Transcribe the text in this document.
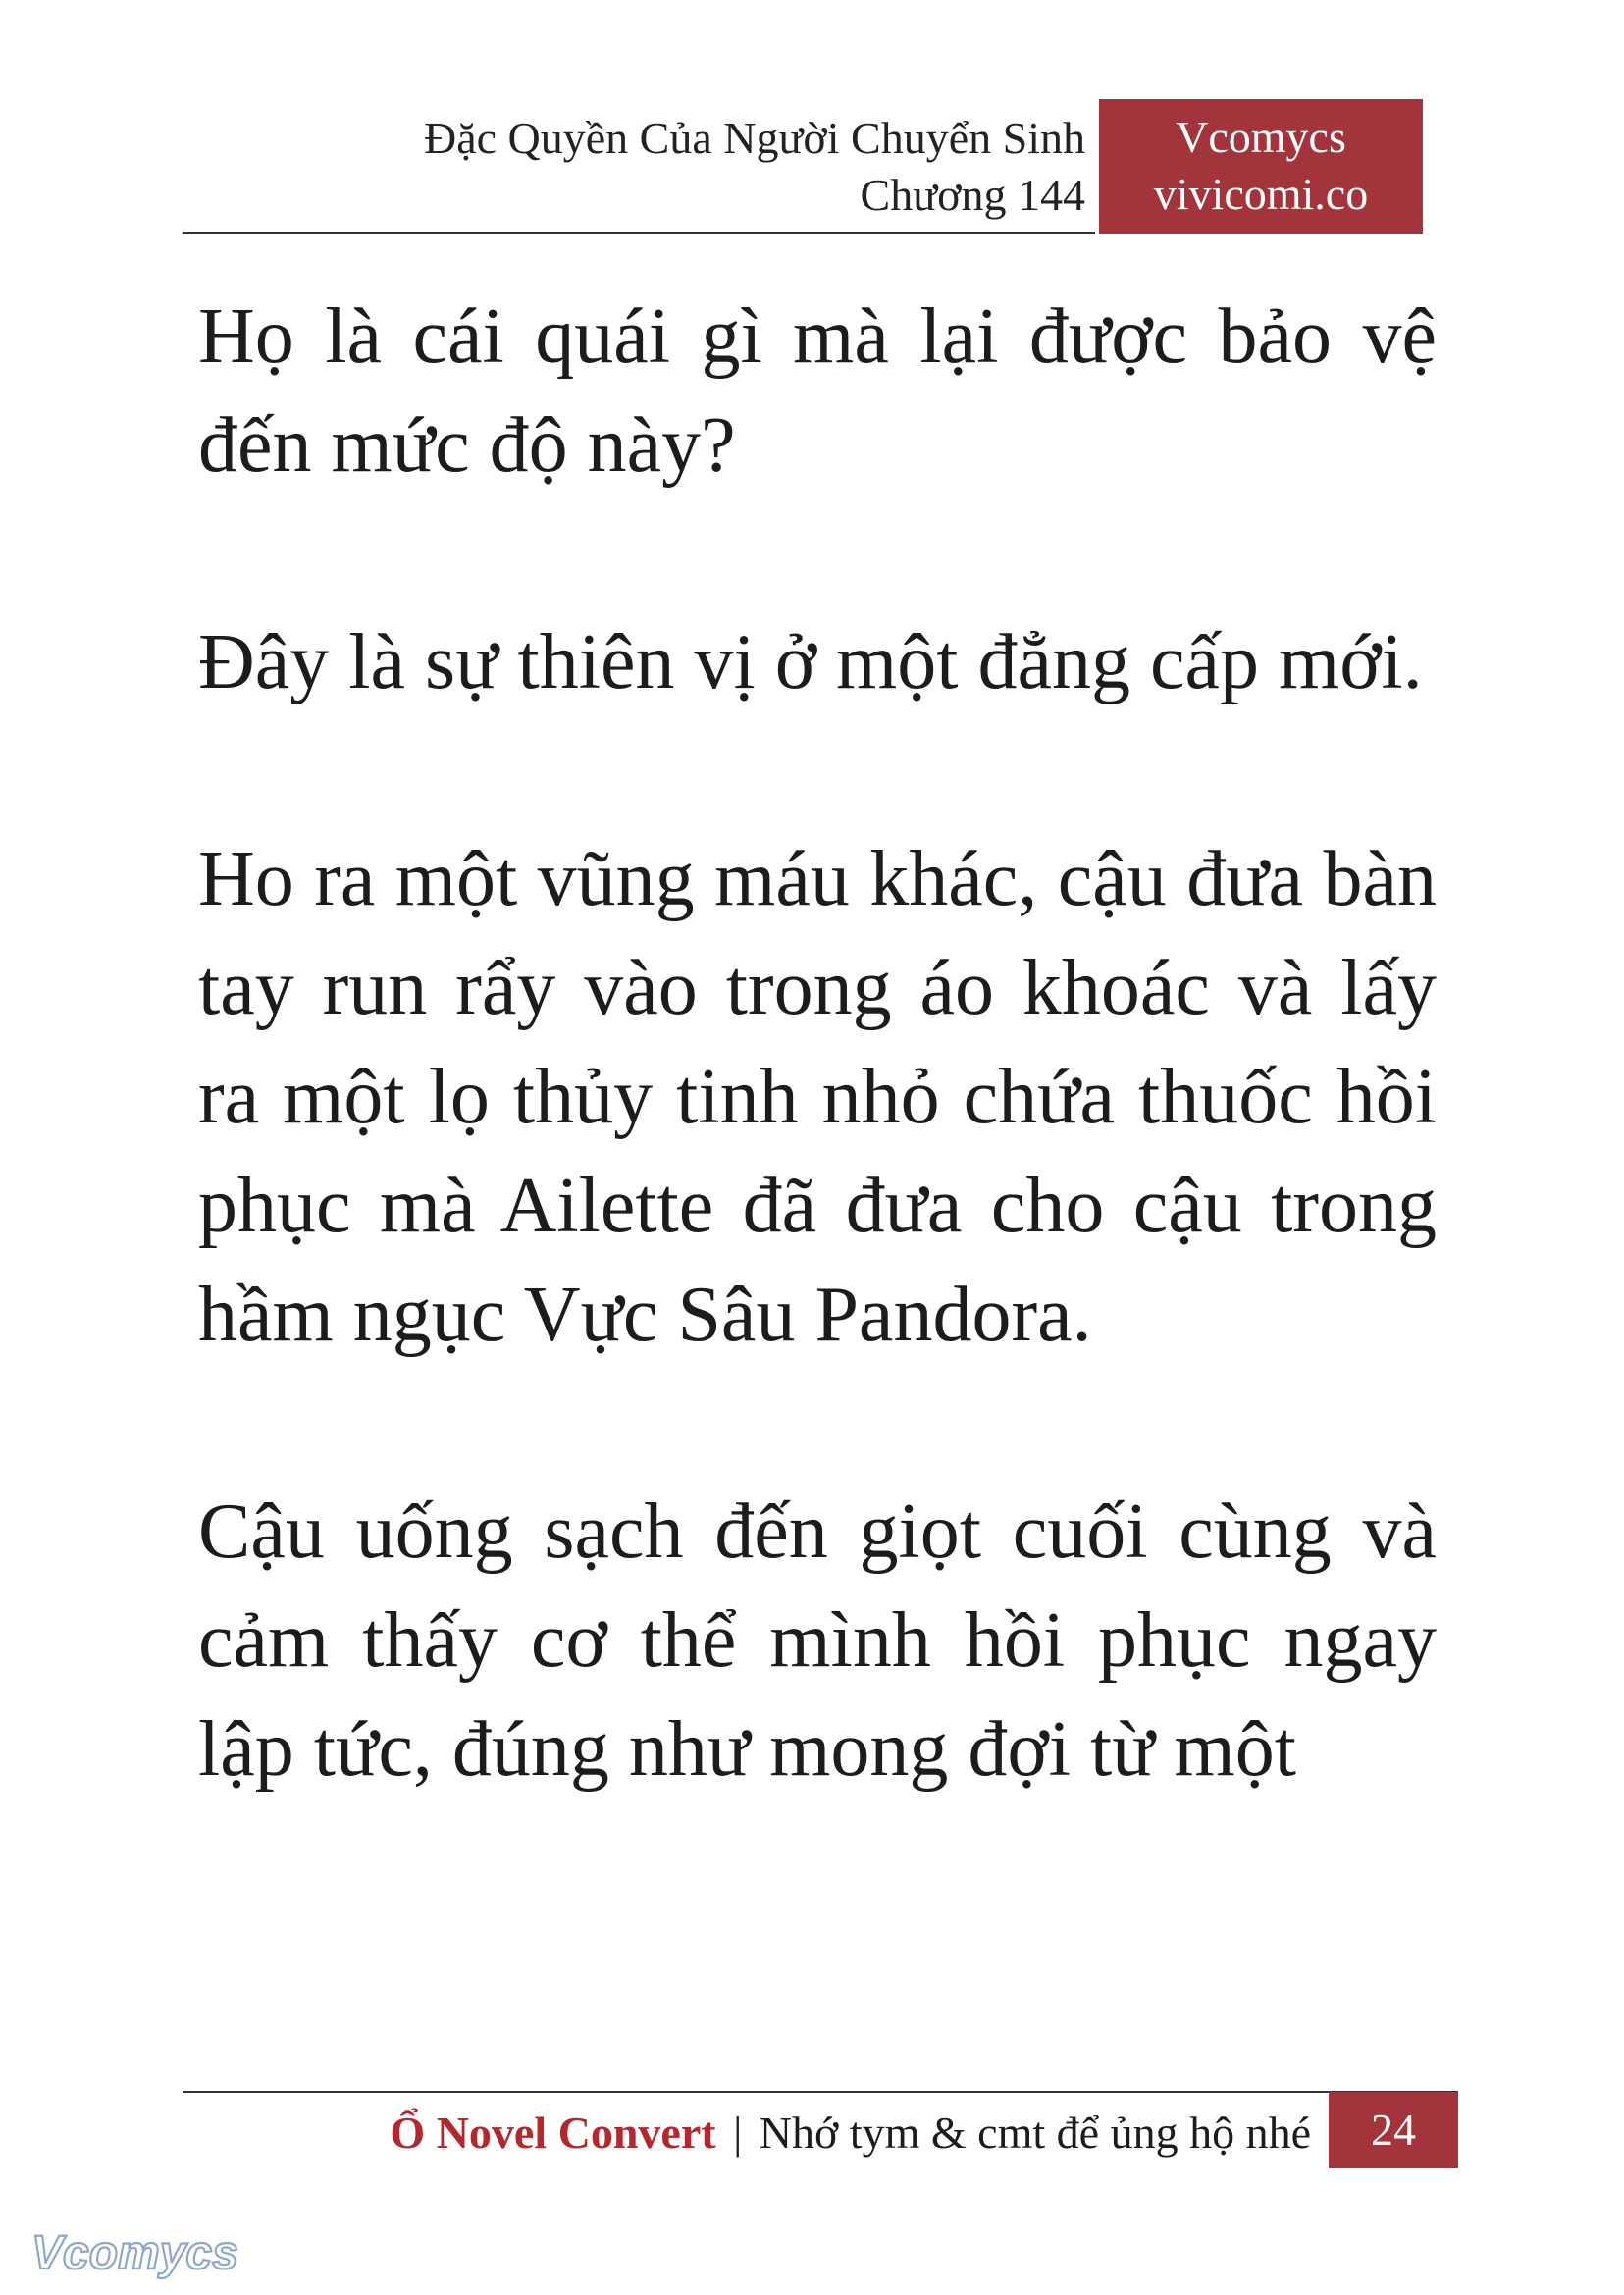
Đặc Quyền Của Người Chuyển Sinh
Chương 144
Vcomycs
vivicomi.co

Họ là cái quái gì mà lại được bảo vệ đến mức độ này?

Đây là sự thiên vị ở một đẳng cấp mới.

Ho ra một vũng máu khác, cậu đưa bàn tay run rẩy vào trong áo khoác và lấy ra một lọ thủy tinh nhỏ chứa thuốc hồi phục mà Ailette đã đưa cho cậu trong hầm ngục Vực Sâu Pandora.

Cậu uống sạch đến giọt cuối cùng và cảm thấy cơ thể mình hồi phục ngay lập tức, đúng như mong đợi từ một

Ổ Novel Convert | Nhớ tym & cmt để ủng hộ nhé	24
Vcomycs
